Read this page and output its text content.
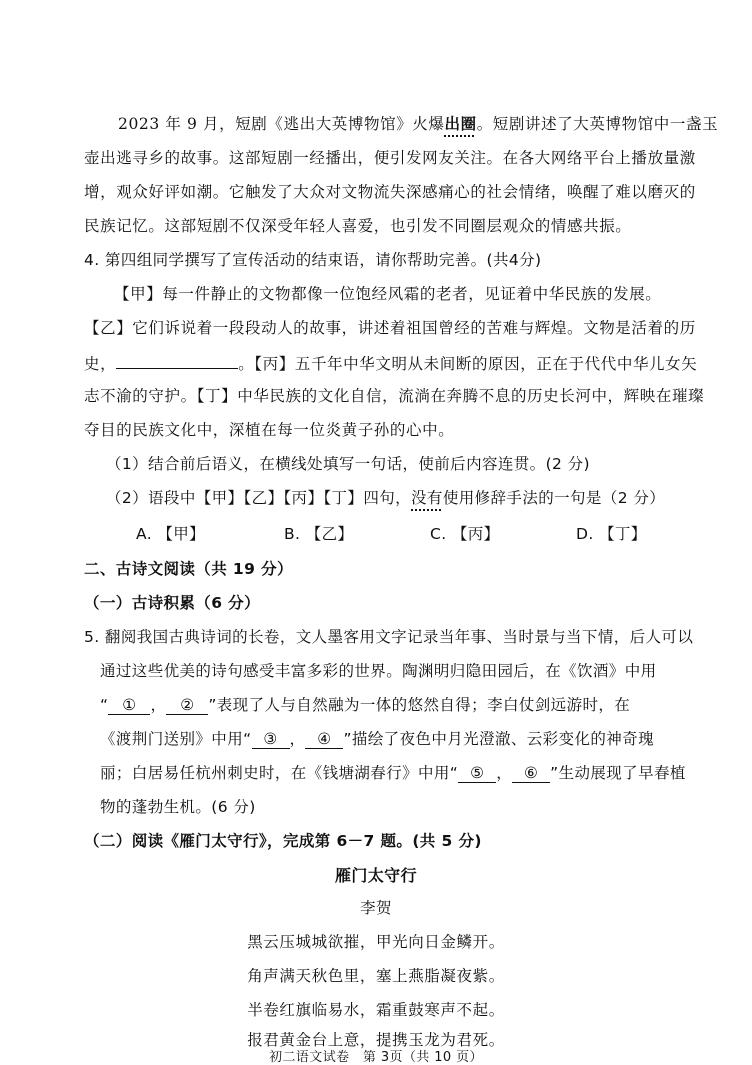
2023 年 9 月，短剧《逃出大英博物馆》火爆出圈。短剧讲述了大英博物馆中一盏玉
壶出逃寻乡的故事。这部短剧一经播出，便引发网友关注。在各大网络平台上播放量激
增，观众好评如潮。它触发了大众对文物流失深感痛心的社会情绪，唤醒了难以磨灭的
民族记忆。这部短剧不仅深受年轻人喜爱，也引发不同圈层观众的情感共振。
4. 第四组同学撰写了宣传活动的结束语，请你帮助完善。(共4分)
【甲】每一件静止的文物都像一位饱经风霜的老者，见证着中华民族的发展。
【乙】它们诉说着一段段动人的故事，讲述着祖国曾经的苦难与辉煌。文物是活着的历
史，	。【丙】五千年中华文明从未间断的原因，正在于代代中华儿女矢
志不渝的守护。【丁】中华民族的文化自信，流淌在奔腾不息的历史长河中，辉映在璀璨
夺目的民族文化中，深植在每一位炎黄子孙的心中。
（1）结合前后语义，在横线处填写一句话，使前后内容连贯。(2 分)
（2）语段中【甲】【乙】【丙】【丁】四句，没有使用修辞手法的一句是（2 分）
A. 【甲】	B. 【乙】	C. 【丙】	D. 【丁】
二、古诗文阅读（共 19 分）
（一）古诗积累（6 分）
5. 翻阅我国古典诗词的长卷，文人墨客用文字记录当年事、当时景与当下情，后人可以
通过这些优美的诗句感受丰富多彩的世界。陶渊明归隐田园后，在《饮酒》中用
“ ① ， ② ”表现了人与自然融为一体的悠然自得；李白仗剑远游时，在
《渡荆门送别》中用“ ③ ， ④ ”描绘了夜色中月光澄澈、云彩变化的神奇瑰
丽；白居易任杭州刺史时，在《钱塘湖春行》中用“ ⑤ ， ⑥ ”生动展现了早春植
物的蓬勃生机。(6 分)
（二）阅读《雁门太守行》，完成第 6－7 题。(共 5 分)
雁门太守行
李贺
黑云压城城欲摧，甲光向日金鳞开。
角声满天秋色里，塞上燕脂凝夜紫。
半卷红旗临易水，霜重鼓寒声不起。
报君黄金台上意，提携玉龙为君死。
初二语文试卷　第 3页（共 10 页）
